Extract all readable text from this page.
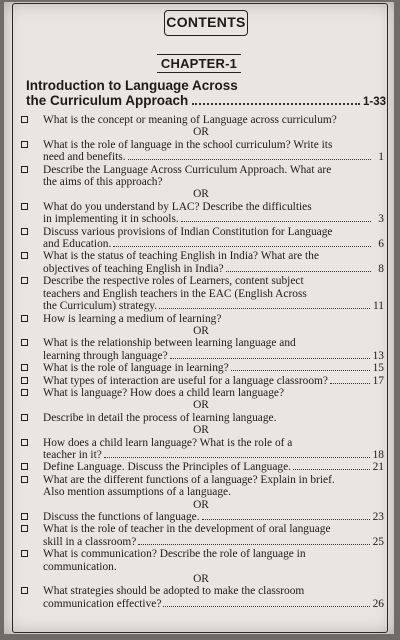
CONTENTS
CHAPTER-1
Introduction to Language Across
the Curriculum Approach	1-33
What is the concept or meaning of Language across curriculum?
OR
What is the role of language in the school curriculum? Write its
need and benefits.	1
Describe the Language Across Curriculum Approach. What are
the aims of this approach?
OR
What do you understand by LAC? Describe the difficulties
in implementing it in schools.	3
Discuss various provisions of Indian Constitution for Language
and Education.	6
What is the status of teaching English in India? What are the
objectives of teaching English in India?	8
Describe the respective roles of Learners, content subject
teachers and English teachers in the EAC (English Across
the Curriculum) strategy.	11
How is learning a medium of learning?
OR
What is the relationship between learning language and
learning through language?	13
What is the role of language in learning?	15
What types of interaction are useful for a language classroom?	17
What is language? How does a child learn language?
OR
Describe in detail the process of learning language.
OR
How does a child learn language? What is the role of a
teacher in it?	18
Define Language. Discuss the Principles of Language.	21
What are the different functions of a language? Explain in brief.
Also mention assumptions of a language.
OR
Discuss the functions of language.	23
What is the role of teacher in the development of oral language
skill in a classroom?	25
What is communication? Describe the role of language in
communication.
OR
What strategies should be adopted to make the classroom
communication effective?	26
